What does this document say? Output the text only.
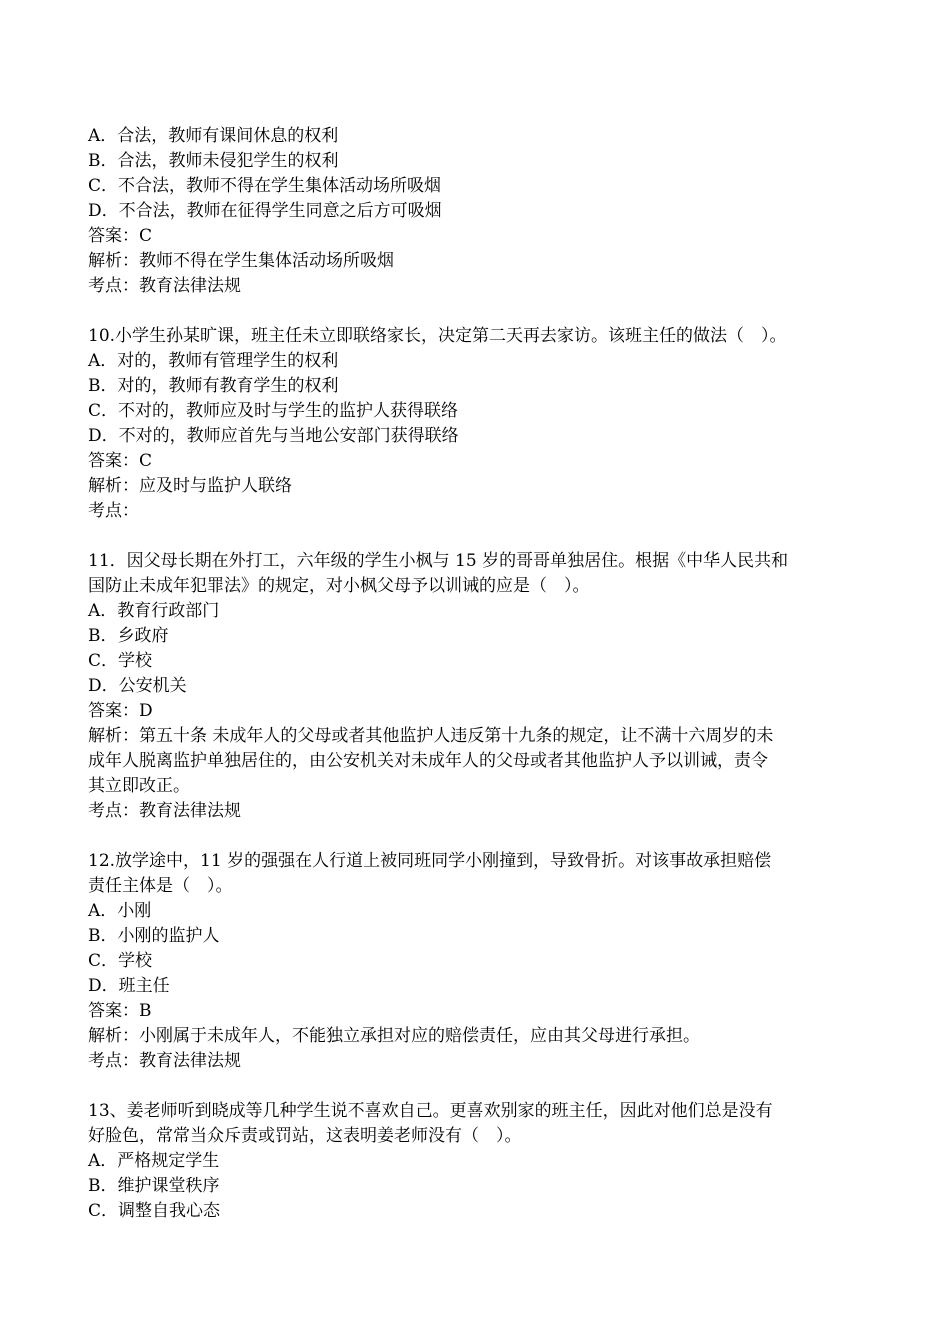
A．合法，教师有课间休息的权利

B．合法，教师未侵犯学生的权利

C．不合法，教师不得在学生集体活动场所吸烟

D．不合法，教师在征得学生同意之后方可吸烟

答案：C

解析：教师不得在学生集体活动场所吸烟

考点：教育法律法规

10.小学生孙某旷课，班主任未立即联络家长，决定第二天再去家访。该班主任的做法（　）。

A．对的，教师有管理学生的权利

B．对的，教师有教育学生的权利

C．不对的，教师应及时与学生的监护人获得联络

D．不对的，教师应首先与当地公安部门获得联络

答案：C

解析：应及时与监护人联络

考点：

11．因父母长期在外打工，六年级的学生小枫与 15 岁的哥哥单独居住。根据《中华人民共和

国防止未成年犯罪法》的规定，对小枫父母予以训诫的应是（　）。

A．教育行政部门

B．乡政府

C．学校

D．公安机关

答案：D

解析：第五十条 未成年人的父母或者其他监护人违反第十九条的规定，让不满十六周岁的未

成年人脱离监护单独居住的，由公安机关对未成年人的父母或者其他监护人予以训诫，责令

其立即改正。

考点：教育法律法规

12.放学途中，11 岁的强强在人行道上被同班同学小刚撞到，导致骨折。对该事故承担赔偿

责任主体是（　）。

A．小刚

B．小刚的监护人

C．学校

D．班主任

答案：B

解析：小刚属于未成年人，不能独立承担对应的赔偿责任，应由其父母进行承担。

考点：教育法律法规

13、姜老师听到晓成等几种学生说不喜欢自己。更喜欢别家的班主任，因此对他们总是没有

好脸色，常常当众斥责或罚站，这表明姜老师没有（　）。

A．严格规定学生

B．维护课堂秩序

C．调整自我心态
